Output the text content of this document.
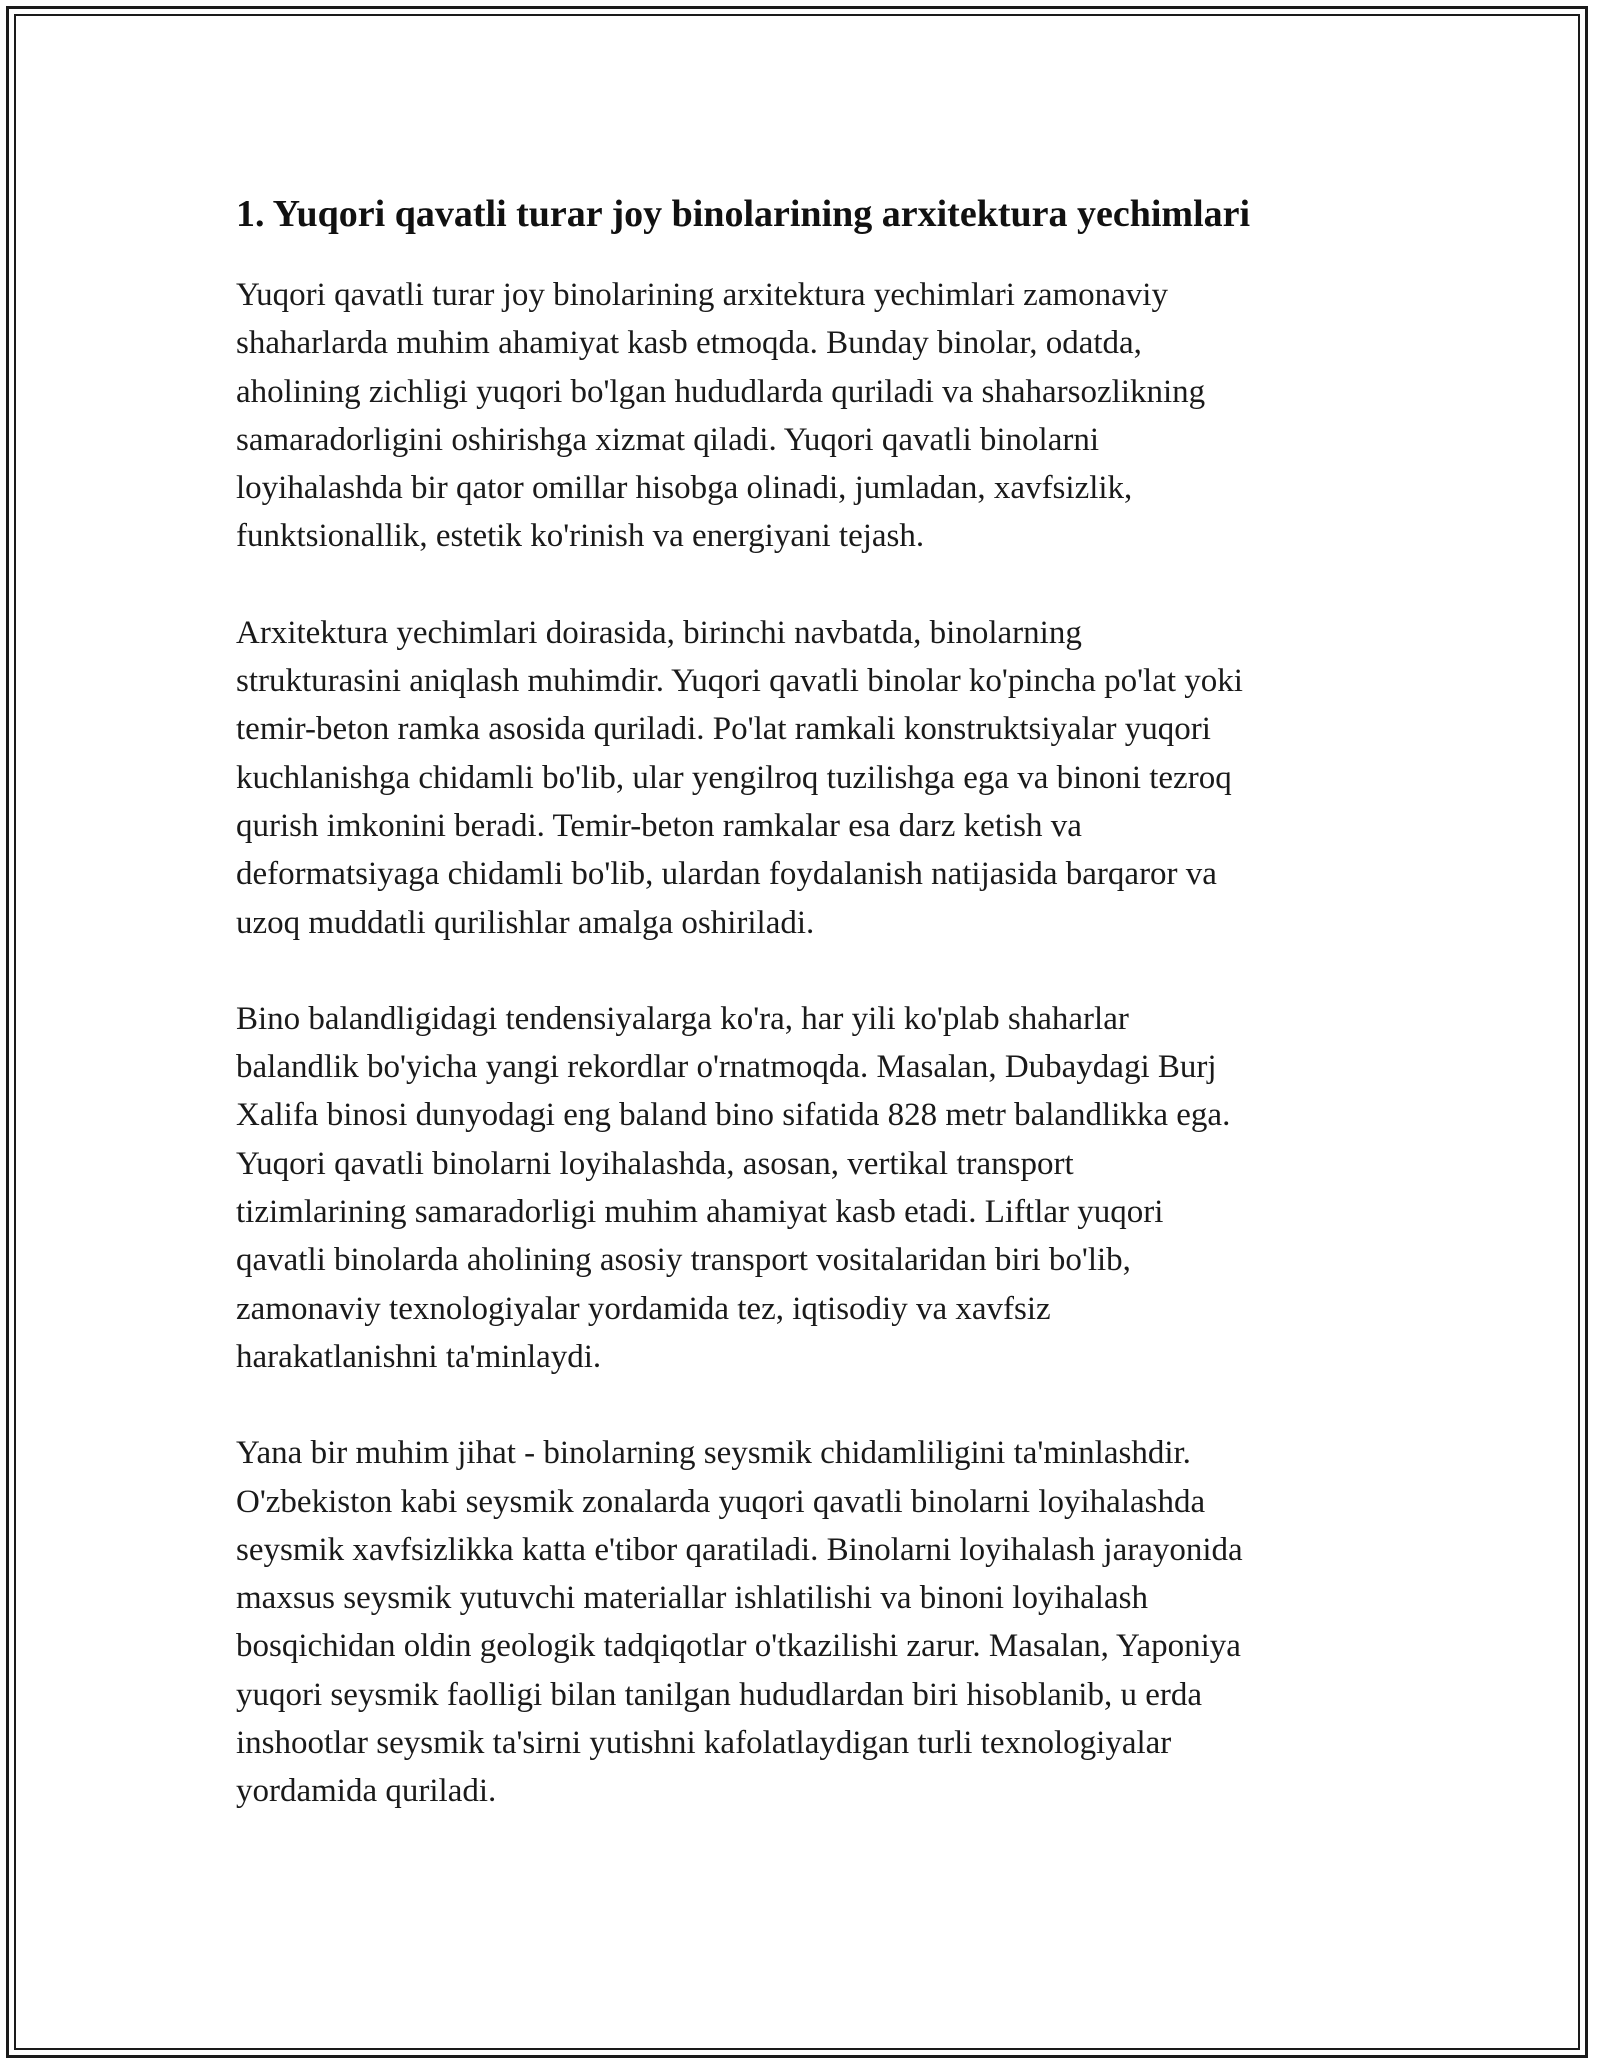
1. Yuqori qavatli turar joy binolarining arxitektura yechimlari

Yuqori qavatli turar joy binolarining arxitektura yechimlari zamonaviy
shaharlarda muhim ahamiyat kasb etmoqda. Bunday binolar, odatda,
aholining zichligi yuqori bo'lgan hududlarda quriladi va shaharsozlikning
samaradorligini oshirishga xizmat qiladi. Yuqori qavatli binolarni
loyihalashda bir qator omillar hisobga olinadi, jumladan, xavfsizlik,
funktsionallik, estetik ko'rinish va energiyani tejash.

Arxitektura yechimlari doirasida, birinchi navbatda, binolarning
strukturasini aniqlash muhimdir. Yuqori qavatli binolar ko'pincha po'lat yoki
temir-beton ramka asosida quriladi. Po'lat ramkali konstruktsiyalar yuqori
kuchlanishga chidamli bo'lib, ular yengilroq tuzilishga ega va binoni tezroq
qurish imkonini beradi. Temir-beton ramkalar esa darz ketish va
deformatsiyaga chidamli bo'lib, ulardan foydalanish natijasida barqaror va
uzoq muddatli qurilishlar amalga oshiriladi.

Bino balandligidagi tendensiyalarga ko'ra, har yili ko'plab shaharlar
balandlik bo'yicha yangi rekordlar o'rnatmoqda. Masalan, Dubaydagi Burj
Xalifa binosi dunyodagi eng baland bino sifatida 828 metr balandlikka ega.
Yuqori qavatli binolarni loyihalashda, asosan, vertikal transport
tizimlarining samaradorligi muhim ahamiyat kasb etadi. Liftlar yuqori
qavatli binolarda aholining asosiy transport vositalaridan biri bo'lib,
zamonaviy texnologiyalar yordamida tez, iqtisodiy va xavfsiz
harakatlanishni ta'minlaydi.

Yana bir muhim jihat - binolarning seysmik chidamliligini ta'minlashdir.
O'zbekiston kabi seysmik zonalarda yuqori qavatli binolarni loyihalashda
seysmik xavfsizlikka katta e'tibor qaratiladi. Binolarni loyihalash jarayonida
maxsus seysmik yutuvchi materiallar ishlatilishi va binoni loyihalash
bosqichidan oldin geologik tadqiqotlar o'tkazilishi zarur. Masalan, Yaponiya
yuqori seysmik faolligi bilan tanilgan hududlardan biri hisoblanib, u erda
inshootlar seysmik ta'sirni yutishni kafolatlaydigan turli texnologiyalar
yordamida quriladi.
